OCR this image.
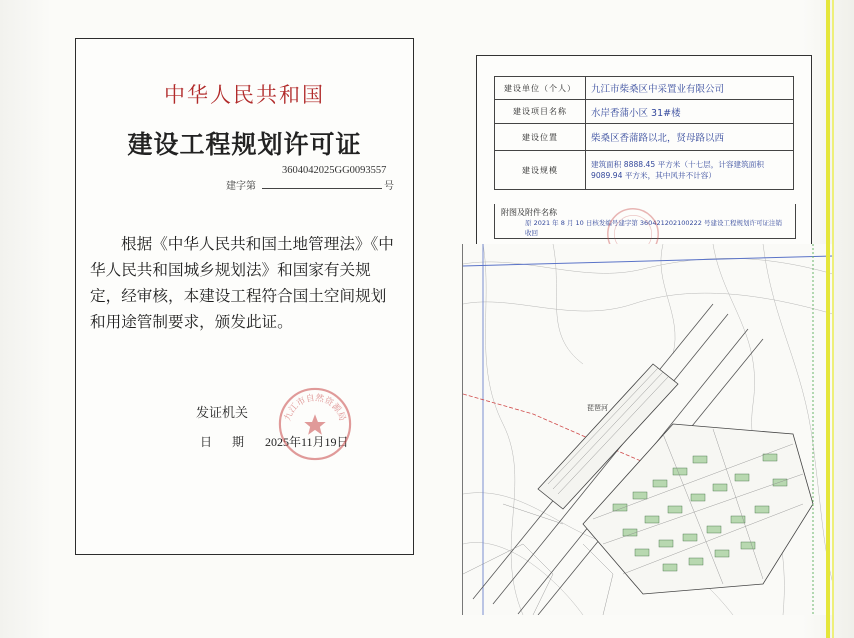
中华人民共和国
建设工程规划许可证
3604042025GG0093557
建字第	号
根据《中华人民共和国土地管理法》《中华人民共和国城乡规划法》和国家有关规定，经审核，本建设工程符合国土空间规划和用途管制要求，颁发此证。
发证机关
日期 2025年11月19日
九江市自然资源局
建设单位（个人）	九江市柴桑区中采置业有限公司
建设项目名称	水岸香蒲小区 31#楼
建设位置	柴桑区香蒲路以北，贤母路以西
建设规模	建筑面积 8888.45 平方米（十七层，计容建筑面积 9089.94 平方米，其中风井不计容）
附图及附件名称
原 2021 年 8 月 10 日核发编号建字第 360421202100222 号建设工程规划许可证注销收回
琵琶河
